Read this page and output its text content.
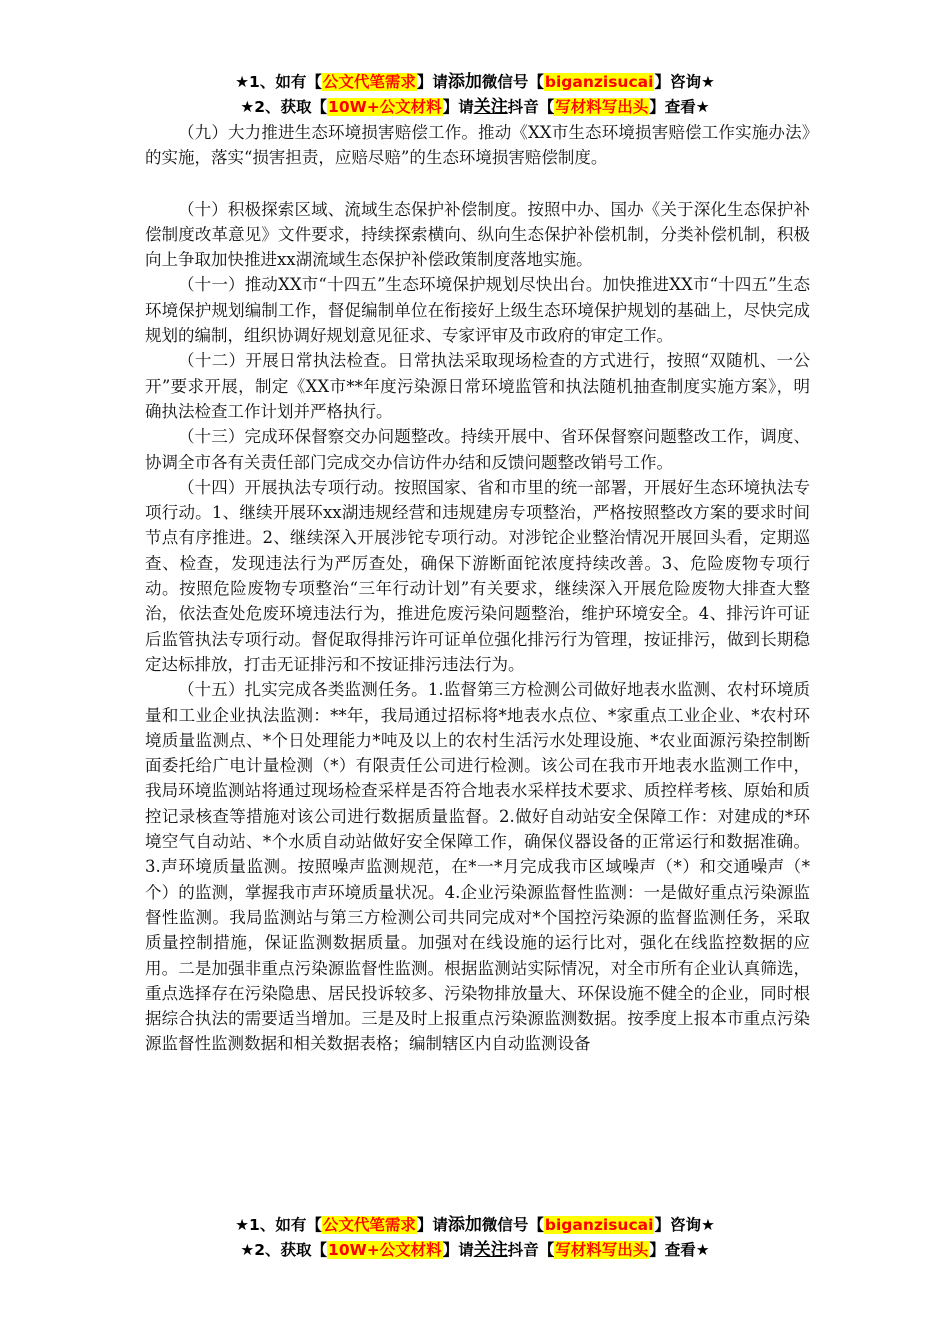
★1、如有【公文代笔需求】请添加微信号【biganzisucai】咨询★
★2、获取【10W+公文材料】请关注抖音【写材料写出头】查看★

（九）大力推进生态环境损害赔偿工作。推动《XX市生态环境损害赔偿工作实施办法》的实施，落实“损害担责，应赔尽赔”的生态环境损害赔偿制度。

（十）积极探索区域、流域生态保护补偿制度。按照中办、国办《关于深化生态保护补偿制度改革意见》文件要求，持续探索横向、纵向生态保护补偿机制，分类补偿机制，积极向上争取加快推进xx湖流域生态保护补偿政策制度落地实施。

（十一）推动XX市“十四五”生态环境保护规划尽快出台。加快推进XX市“十四五”生态环境保护规划编制工作，督促编制单位在衔接好上级生态环境保护规划的基础上，尽快完成规划的编制，组织协调好规划意见征求、专家评审及市政府的审定工作。

（十二）开展日常执法检查。日常执法采取现场检查的方式进行，按照“双随机、一公开”要求开展，制定《XX市**年度污染源日常环境监管和执法随机抽查制度实施方案》，明确执法检查工作计划并严格执行。

（十三）完成环保督察交办问题整改。持续开展中、省环保督察问题整改工作，调度、协调全市各有关责任部门完成交办信访件办结和反馈问题整改销号工作。

（十四）开展执法专项行动。按照国家、省和市里的统一部署，开展好生态环境执法专项行动。1、继续开展环xx湖违规经营和违规建房专项整治，严格按照整改方案的要求时间节点有序推进。2、继续深入开展涉铊专项行动。对涉铊企业整治情况开展回头看，定期巡查、检查，发现违法行为严厉查处，确保下游断面铊浓度持续改善。3、危险废物专项行动。按照危险废物专项整治“三年行动计划”有关要求，继续深入开展危险废物大排查大整治，依法查处危废环境违法行为，推进危废污染问题整治，维护环境安全。4、排污许可证后监管执法专项行动。督促取得排污许可证单位强化排污行为管理，按证排污，做到长期稳定达标排放，打击无证排污和不按证排污违法行为。

（十五）扎实完成各类监测任务。1.监督第三方检测公司做好地表水监测、农村环境质量和工业企业执法监测：**年，我局通过招标将*地表水点位、*家重点工业企业、*农村环境质量监测点、*个日处理能力*吨及以上的农村生活污水处理设施、*农业面源污染控制断面委托给广电计量检测（*）有限责任公司进行检测。该公司在我市开地表水监测工作中，我局环境监测站将通过现场检查采样是否符合地表水采样技术要求、质控样考核、原始和质控记录核查等措施对该公司进行数据质量监督。2.做好自动站安全保障工作：对建成的*环境空气自动站、*个水质自动站做好安全保障工作，确保仪器设备的正常运行和数据准确。3.声环境质量监测。按照噪声监测规范，在*一*月完成我市区域噪声（*）和交通噪声（*个）的监测，掌握我市声环境质量状况。4.企业污染源监督性监测：一是做好重点污染源监督性监测。我局监测站与第三方检测公司共同完成对*个国控污染源的监督监测任务，采取质量控制措施，保证监测数据质量。加强对在线设施的运行比对，强化在线监控数据的应用。二是加强非重点污染源监督性监测。根据监测站实际情况，对全市所有企业认真筛选，重点选择存在污染隐患、居民投诉较多、污染物排放量大、环保设施不健全的企业，同时根据综合执法的需要适当增加。三是及时上报重点污染源监测数据。按季度上报本市重点污染源监督性监测数据和相关数据表格；编制辖区内自动监测设备

★1、如有【公文代笔需求】请添加微信号【biganzisucai】咨询★
★2、获取【10W+公文材料】请关注抖音【写材料写出头】查看★
